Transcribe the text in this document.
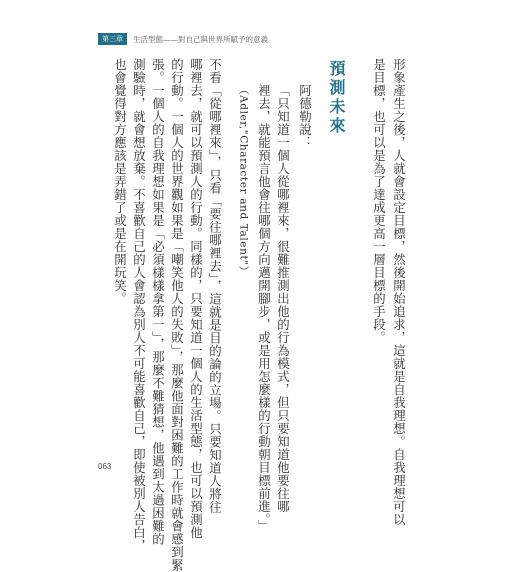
第三章	生活型態——對自己與世界所賦予的意義
形象產生之後，人就會設定目標，然後開始追求，這就是自我理想。自我理想可以
是目標，也可以是為了達成更高一層目標的手段。
預測未來
阿德勒說：
「只知道一個人從哪裡來，很難推測出他的行為模式，但只要知道他要往哪
裡去，就能預言他會往哪個方向邁開腳步，或是用怎麼樣的行動朝目標前進。」
（Adler,"Character and Talent"）
不看「從哪裡來」，只看「要往哪裡去」，這就是目的論的立場。只要知道人將往
哪裡去，就可以預測人的行動。同樣的，只要知道一個人的生活型態，也可以預測他
的行動。一個人的世界觀如果是「嘲笑他人的失敗」，那麼他面對困難的工作時就會感到緊
張。一個人的自我理想如果是「必須樣樣拿第一」，那麼不難猜想，他遇到太過困難的
測驗時，就會想放棄。不喜歡自己的人會認為別人不可能喜歡自己，即使被別人告白，
也會覺得對方應該是弄錯了或是在開玩笑。
063
